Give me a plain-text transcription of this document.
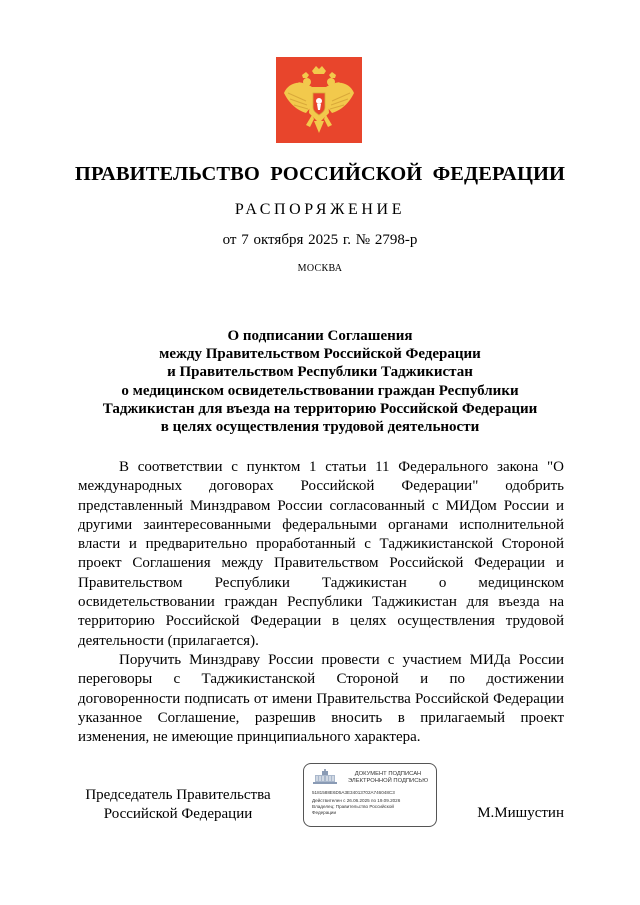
ПРАВИТЕЛЬСТВО РОССИЙСКОЙ ФЕДЕРАЦИИ
РАСПОРЯЖЕНИЕ
от 7 октября 2025 г. № 2798-р
МОСКВА
О подписании Соглашения
между Правительством Российской Федерации
и Правительством Республики Таджикистан
о медицинском освидетельствовании граждан Республики
Таджикистан для въезда на территорию Российской Федерации
в целях осуществления трудовой деятельности

В соответствии с пунктом 1 статьи 11 Федерального закона "О международных договорах Российской Федерации" одобрить представленный Минздравом России согласованный с МИДом России и другими заинтересованными федеральными органами исполнительной власти и предварительно проработанный с Таджикистанской Стороной проект Соглашения между Правительством Российской Федерации и Правительством Республики Таджикистан о медицинском освидетельствовании граждан Республики Таджикистан для въезда на территорию Российской Федерации в целях осуществления трудовой деятельности (прилагается).

Поручить Минздраву России провести с участием МИДа России переговоры с Таджикистанской Стороной и по достижении договоренности подписать от имени Правительства Российской Федерации указанное Соглашение, разрешив вносить в прилагаемый проект изменения, не имеющие принципиального характера.

Председатель Правительства
Российской Федерации
ДОКУМЕНТ ПОДПИСАН
ЭЛЕКТРОННОЙ ПОДПИСЬЮ
5181588E6D5A3E34013702A746048C3
Действителен с 26.06.2025 по 19.09.2026
Владелец: Правительство Российской
Федерации	М.Мишустин
